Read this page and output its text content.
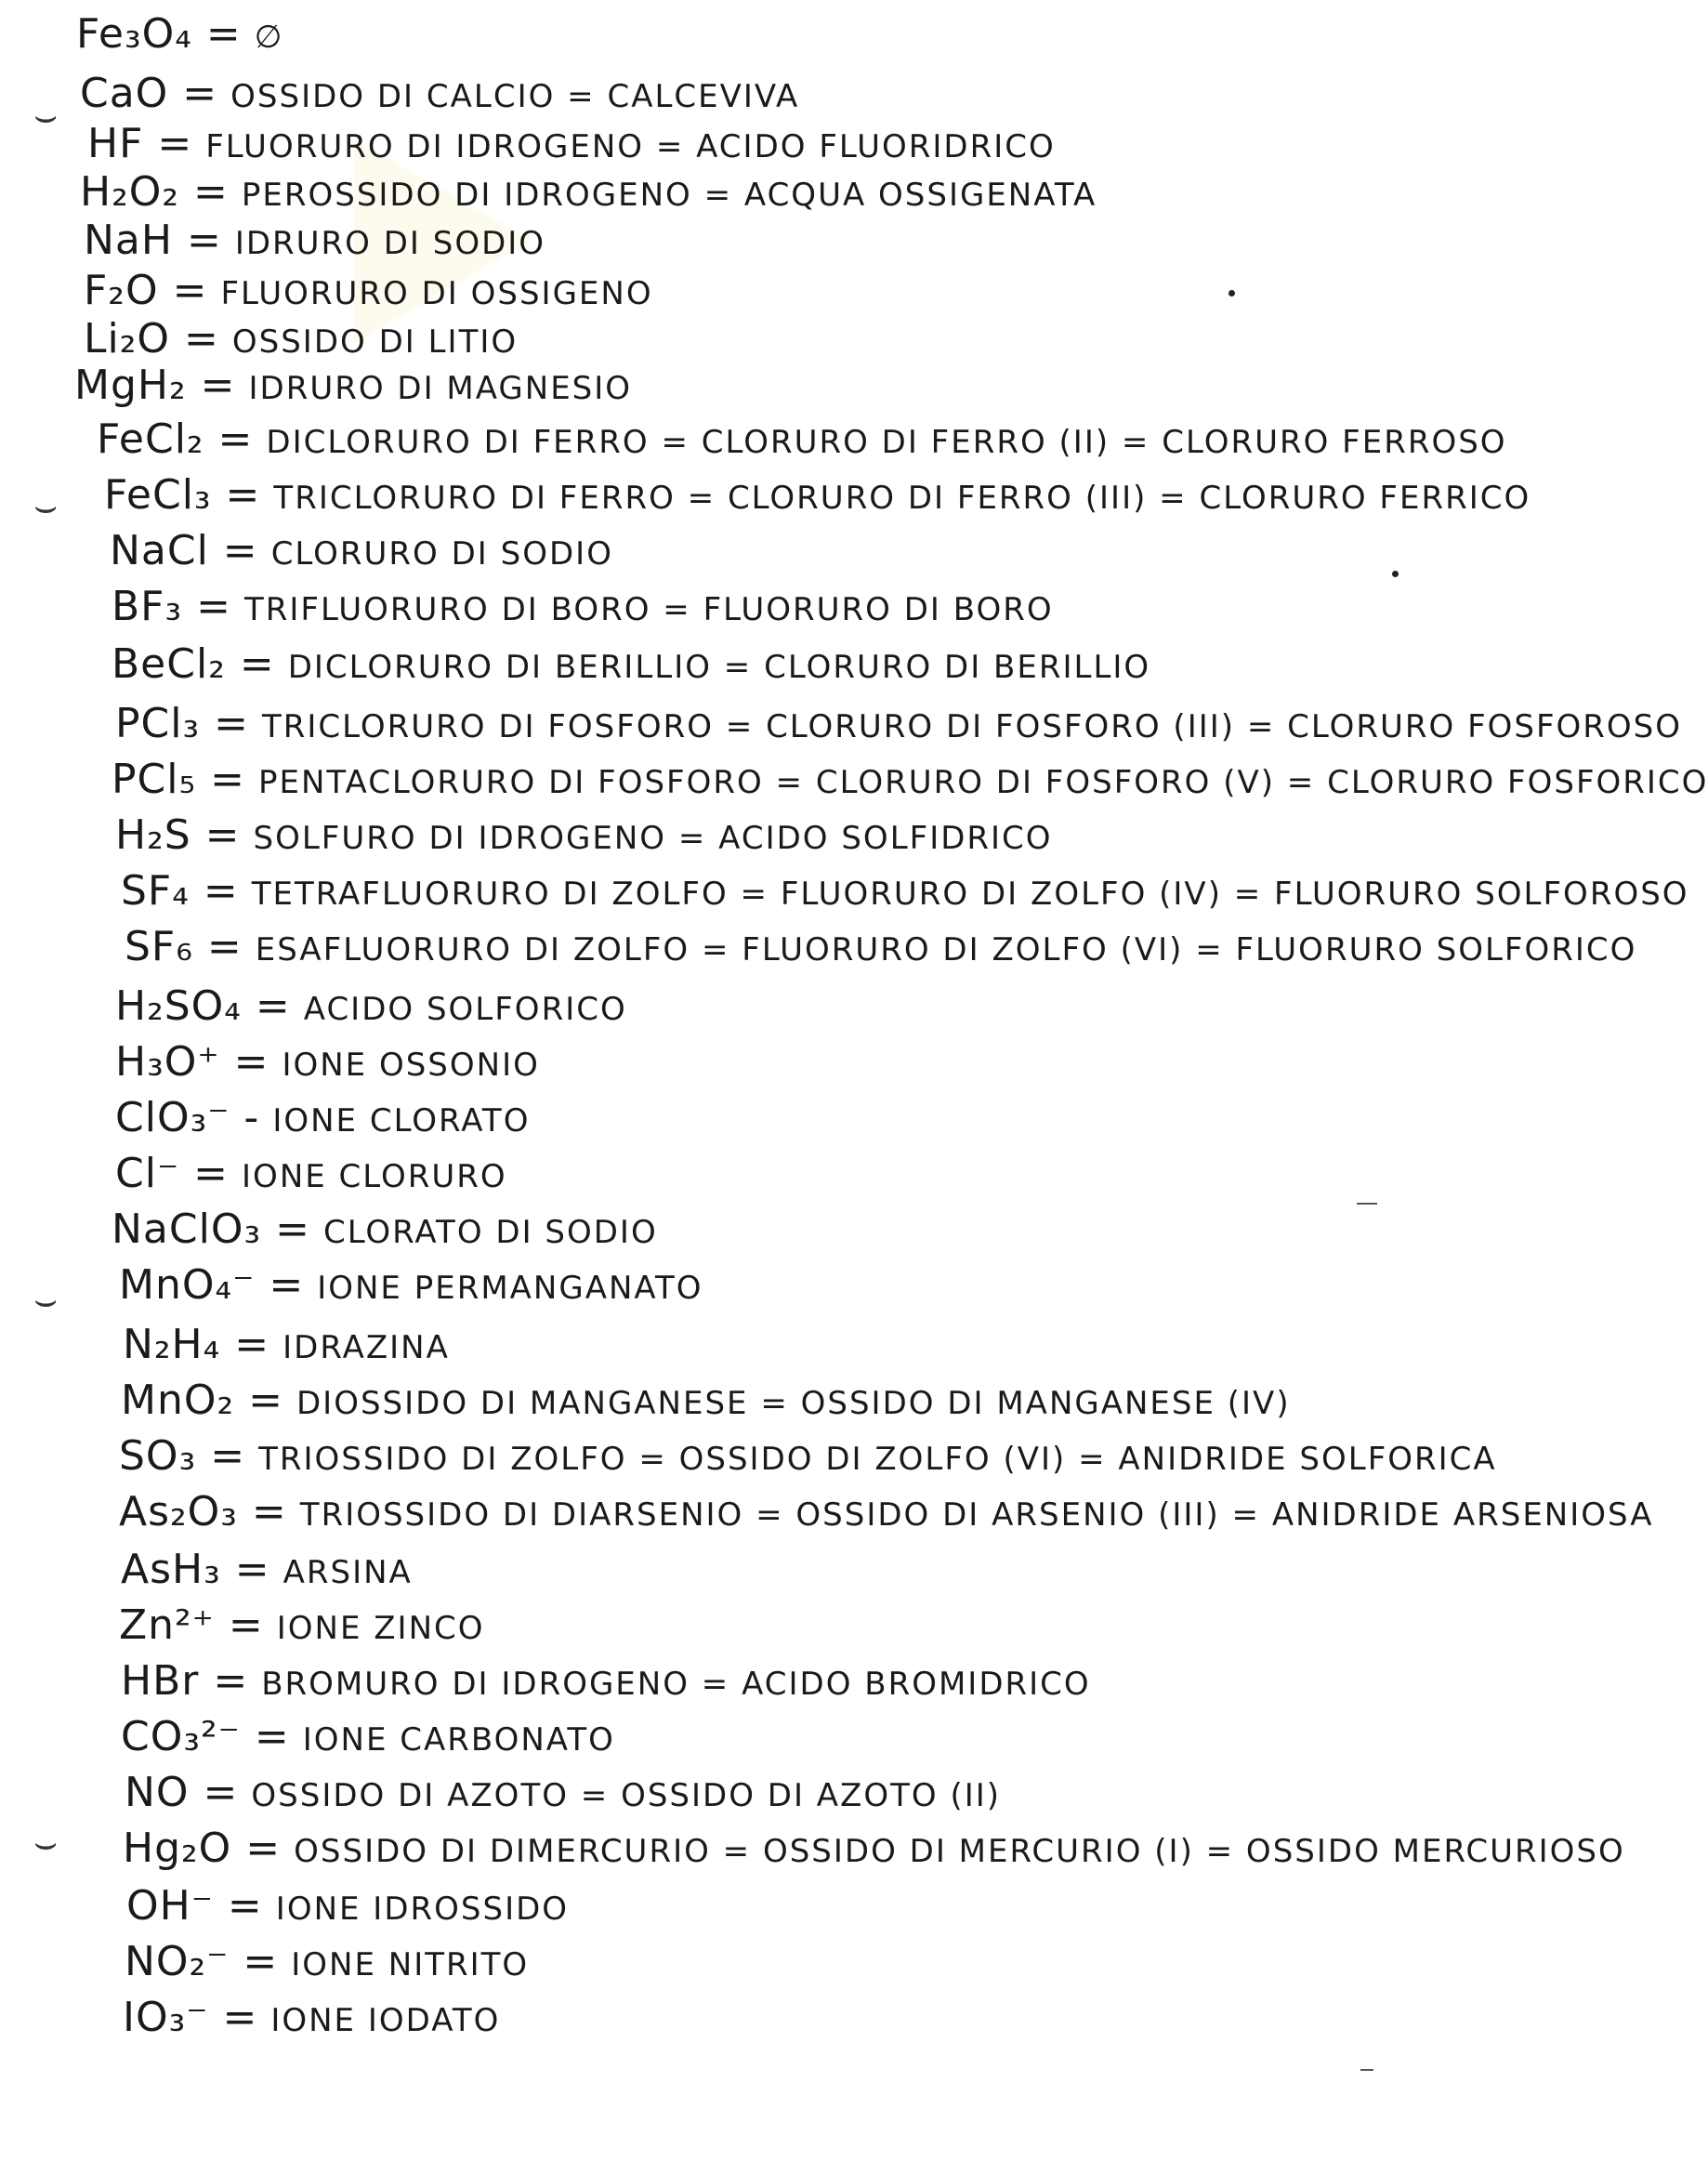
Fe₃O₄ = ∅
CaO = OSSIDO DI CALCIO = CALCEVIVA
HF = FLUORURO DI IDROGENO = ACIDO FLUORIDRICO
H₂O₂ = PEROSSIDO DI IDROGENO = ACQUA OSSIGENATA
NaH = IDRURO DI SODIO
F₂O = FLUORURO DI OSSIGENO
Li₂O = OSSIDO DI LITIO
MgH₂ = IDRURO DI MAGNESIO
FeCl₂ = DICLORURO DI FERRO = CLORURO DI FERRO (II) = CLORURO FERROSO
FeCl₃ = TRICLORURO DI FERRO = CLORURO DI FERRO (III) = CLORURO FERRICO
NaCl = CLORURO DI SODIO
BF₃ = TRIFLUORURO DI BORO = FLUORURO DI BORO
BeCl₂ = DICLORURO DI BERILLIO = CLORURO DI BERILLIO
PCl₃ = TRICLORURO DI FOSFORO = CLORURO DI FOSFORO (III) = CLORURO FOSFOROSO
PCl₅ = PENTACLORURO DI FOSFORO = CLORURO DI FOSFORO (V) = CLORURO FOSFORICO
H₂S = SOLFURO DI IDROGENO = ACIDO SOLFIDRICO
SF₄ = TETRAFLUORURO DI ZOLFO = FLUORURO DI ZOLFO (IV) = FLUORURO SOLFOROSO
SF₆ = ESAFLUORURO DI ZOLFO = FLUORURO DI ZOLFO (VI) = FLUORURO SOLFORICO
H₂SO₄ = ACIDO SOLFORICO
H₃O⁺ = IONE OSSONIO
ClO₃⁻ - IONE CLORATO
Cl⁻ = IONE CLORURO
NaClO₃ = CLORATO DI SODIO
MnO₄⁻ = IONE PERMANGANATO
N₂H₄ = IDRAZINA
MnO₂ = DIOSSIDO DI MANGANESE = OSSIDO DI MANGANESE (IV)
SO₃ = TRIOSSIDO DI ZOLFO = OSSIDO DI ZOLFO (VI) = ANIDRIDE SOLFORICA
As₂O₃ = TRIOSSIDO DI DIARSENIO = OSSIDO DI ARSENIO (III) = ANIDRIDE ARSENIOSA
AsH₃ = ARSINA
Zn²⁺ = IONE ZINCO
HBr = BROMURO DI IDROGENO = ACIDO BROMIDRICO
CO₃²⁻ = IONE CARBONATO
NO = OSSIDO DI AZOTO = OSSIDO DI AZOTO (II)
Hg₂O = OSSIDO DI DIMERCURIO = OSSIDO DI MERCURIO (I) = OSSIDO MERCURIOSO
OH⁻ = IONE IDROSSIDO
NO₂⁻ = IONE NITRITO
IO₃⁻ = IONE IODATO
⌣
⌣
⌣
⌣
